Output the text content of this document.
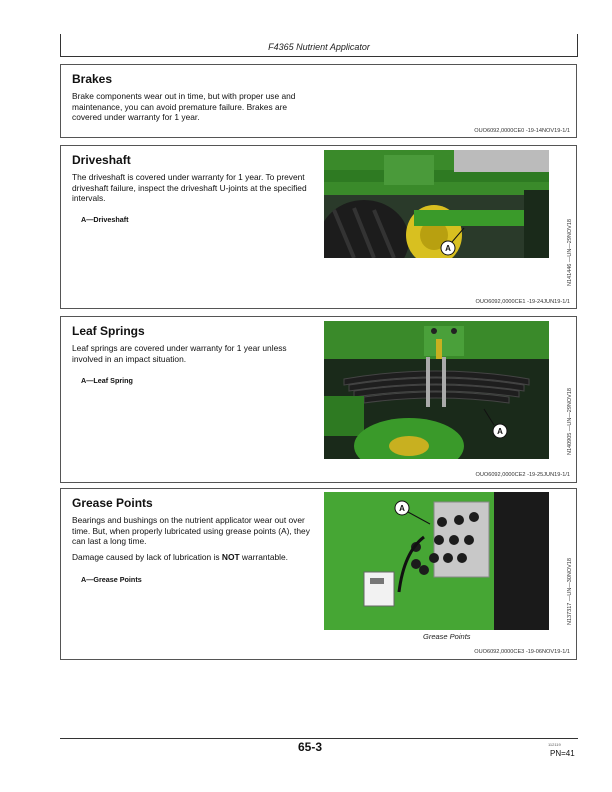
F4365 Nutrient Applicator
Brakes

Brake components wear out in time, but with proper use and maintenance, you can avoid premature failure. Brakes are covered under warranty for 1 year.

OUO6092,0000CE0 -19-14NOV19-1/1
Driveshaft

The driveshaft is covered under warranty for 1 year. To prevent driveshaft failure, inspect the driveshaft U-joints at the specified intervals.

A—Driveshaft
A	N141446 —UN—29NOV18
OUO6092,0000CE1 -19-24JUN19-1/1
Leaf Springs

Leaf springs are covered under warranty for 1 year unless involved in an impact situation.

A—Leaf Spring
A	N140905 —UN—29NOV18
OUO6092,0000CE2 -19-25JUN19-1/1
Grease Points

Bearings and bushings on the nutrient applicator wear out over time. But, when properly lubricated using grease points (A), they can last a long time.

Damage caused by lack of lubrication is NOT warrantable.

A—Grease Points
A
Grease Points
N137317 —UN—30NOV18
OUO6092,0000CE3 -19-06NOV19-1/1
65-3	112119
PN=41
